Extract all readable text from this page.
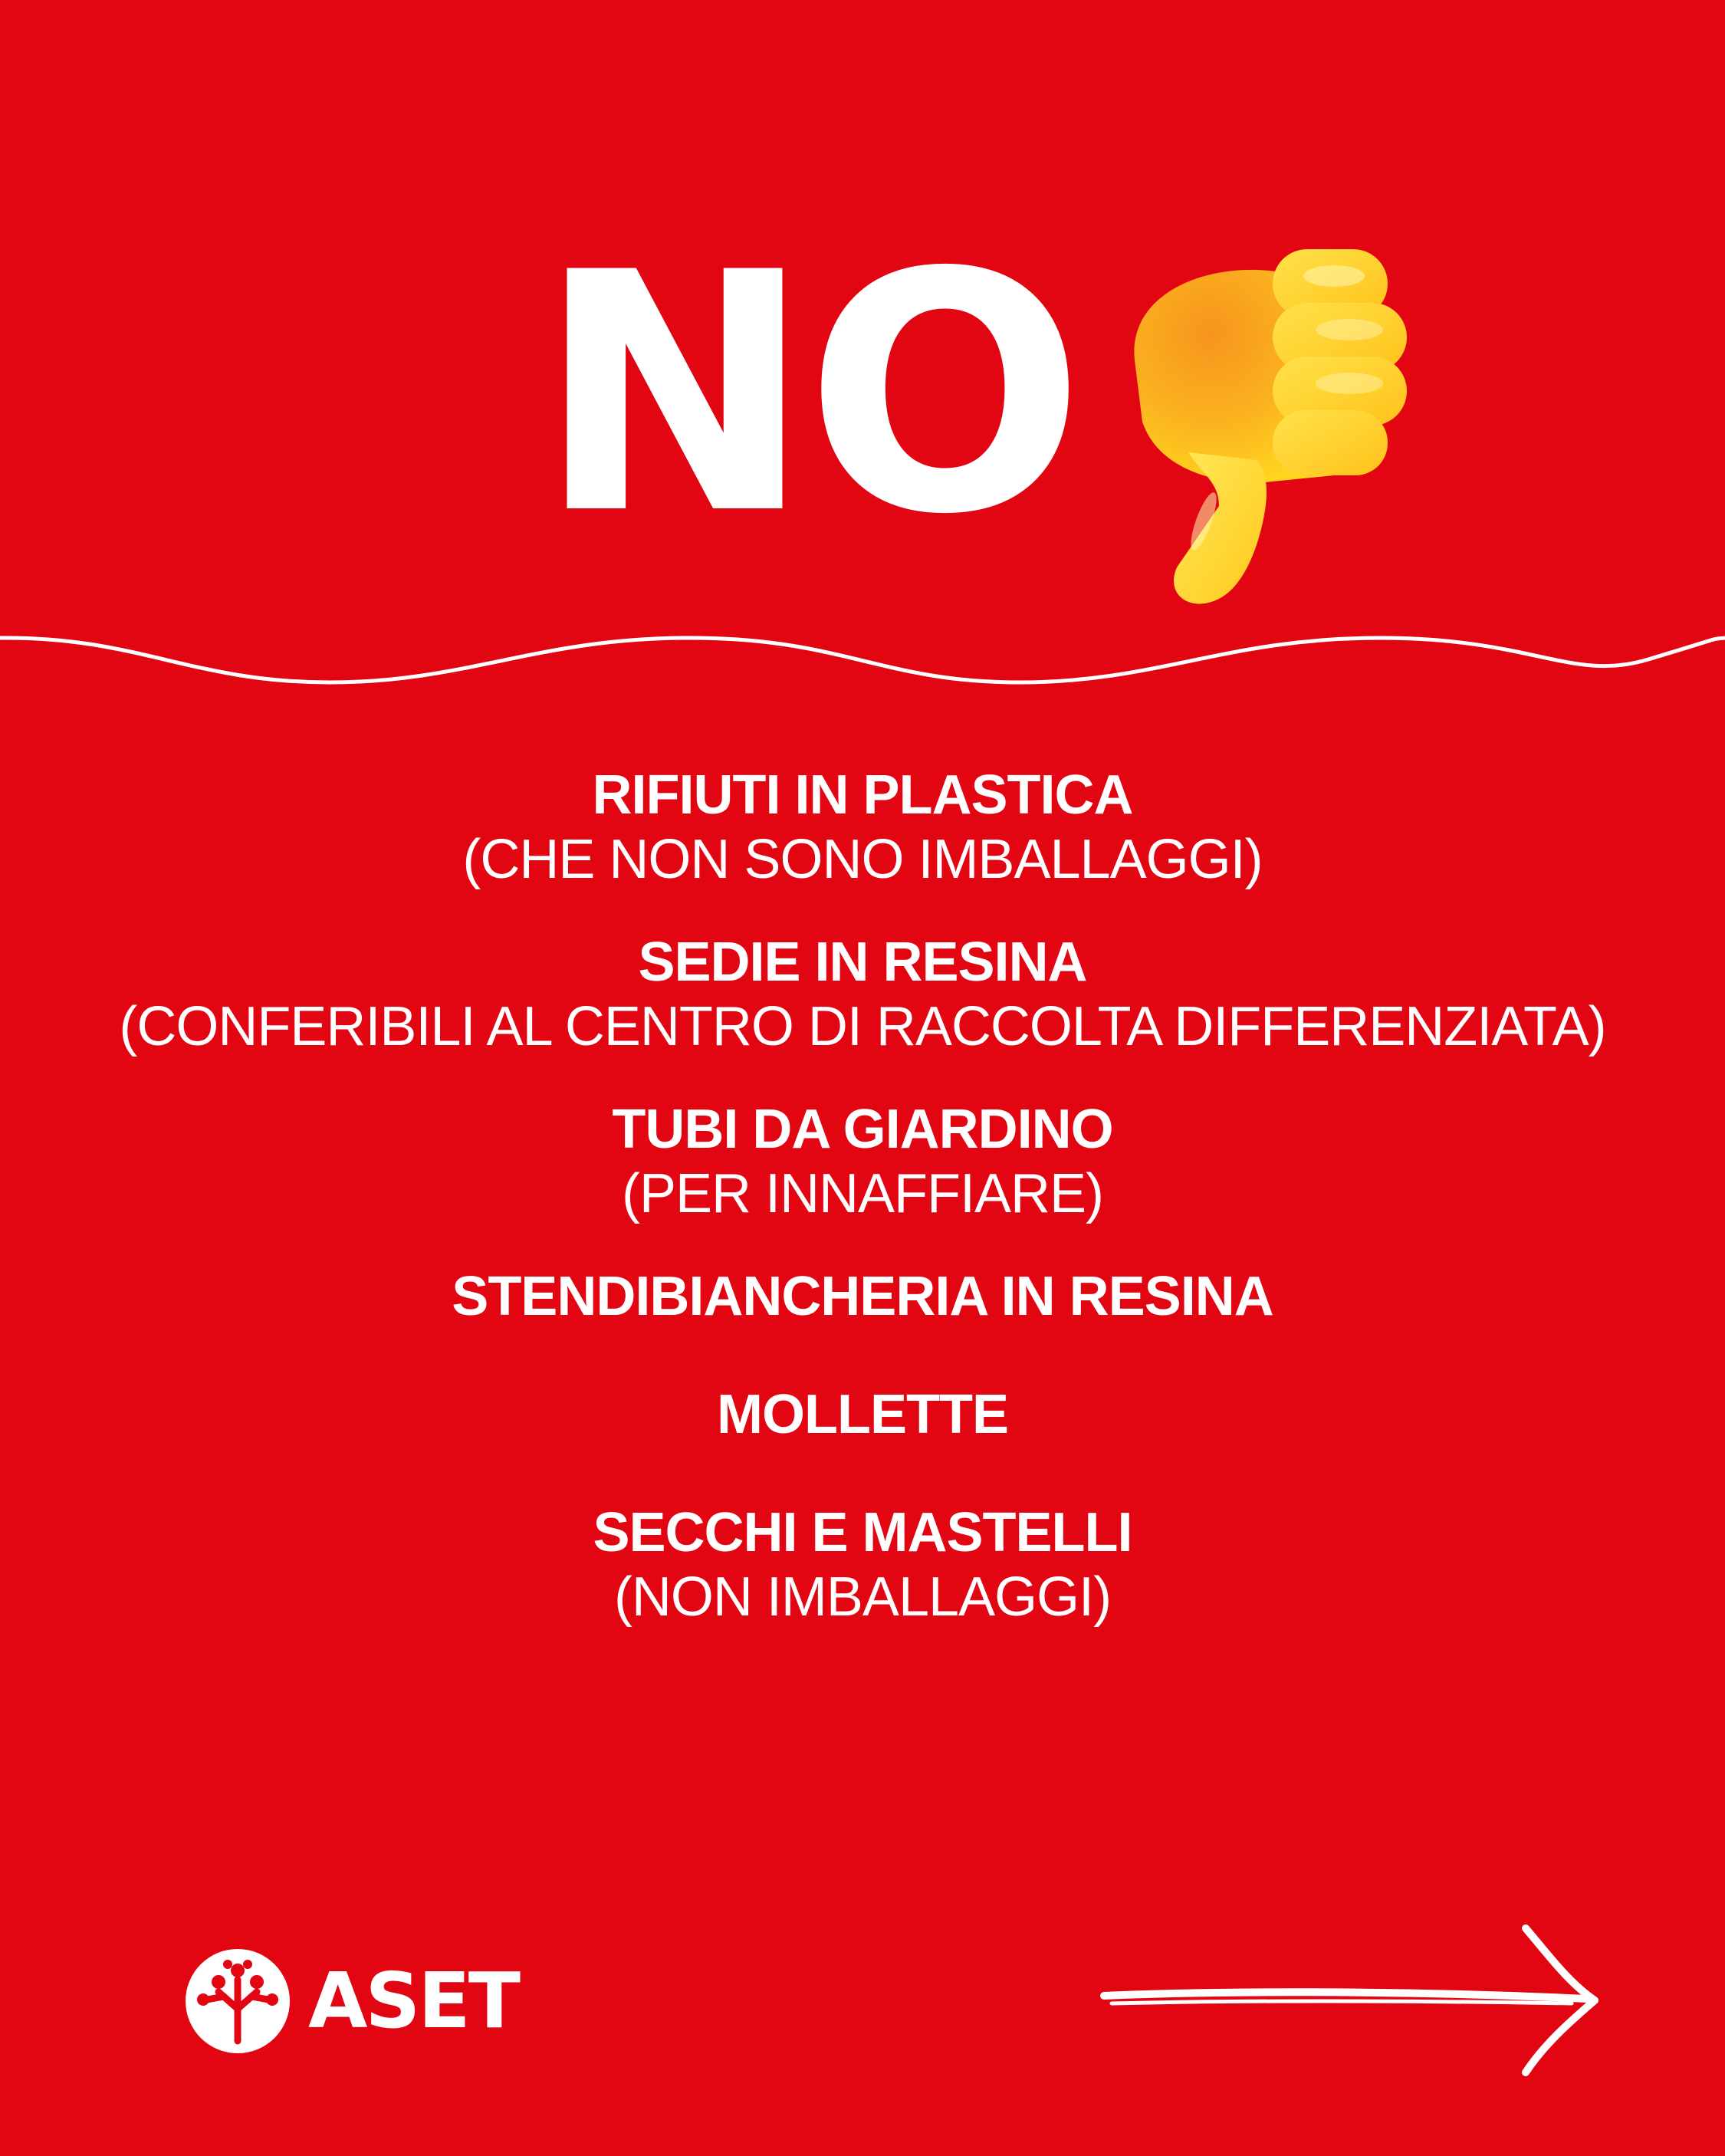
NO
RIFIUTI IN PLASTICA
(CHE NON SONO IMBALLAGGI)
SEDIE IN RESINA
(CONFERIBILI AL CENTRO DI RACCOLTA DIFFERENZIATA)
TUBI DA GIARDINO
(PER INNAFFIARE)
STENDIBIANCHERIA IN RESINA
MOLLETTE
SECCHI E MASTELLI
(NON IMBALLAGGI)
ASET
